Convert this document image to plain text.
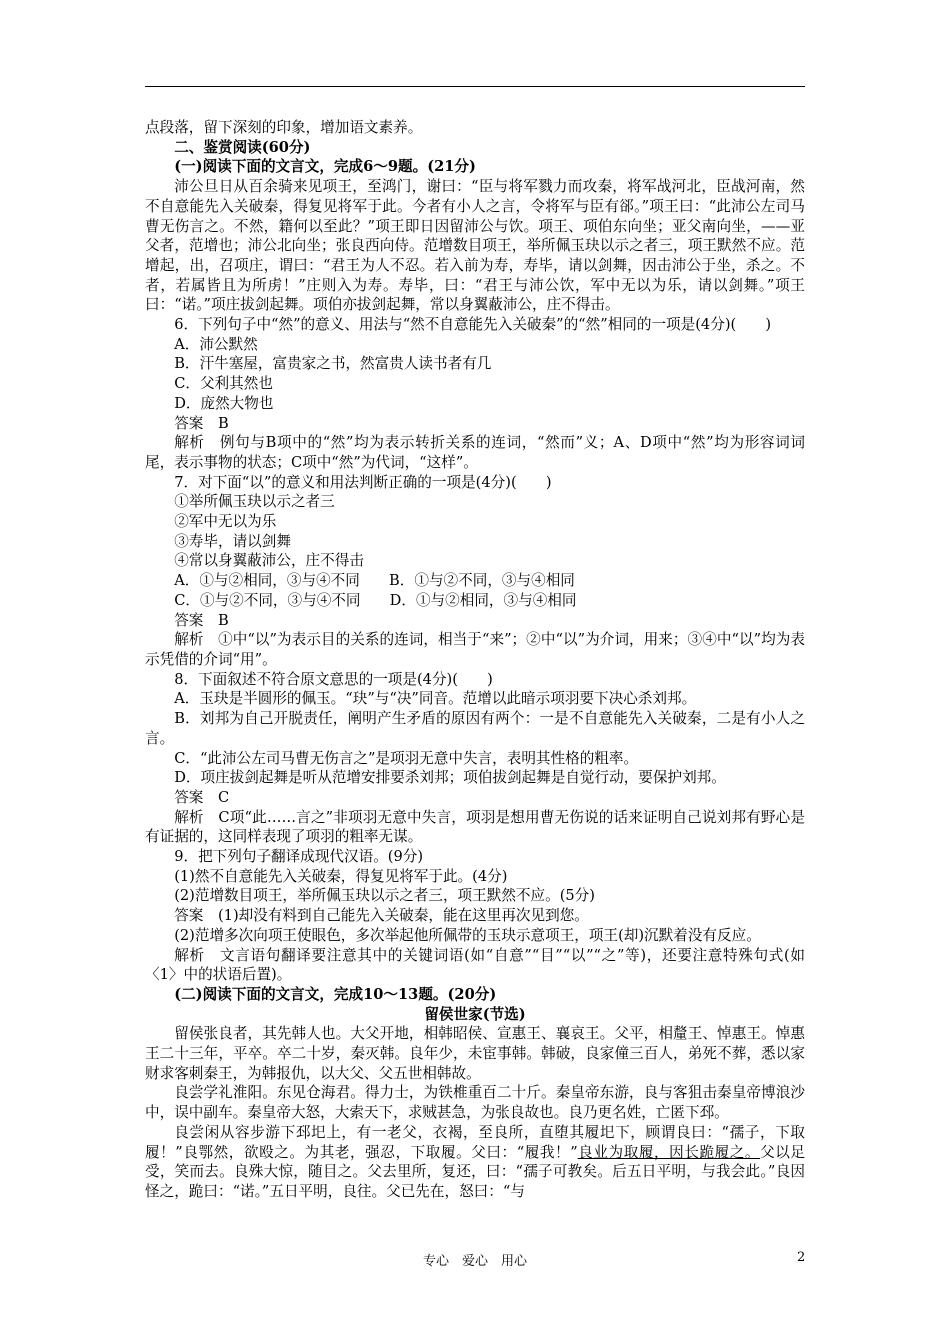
点段落，留下深刻的印象，增加语文素养。

二、鉴赏阅读(60分)

(一)阅读下面的文言文，完成6～9题。(21分)

沛公旦日从百余骑来见项王，至鸿门，谢曰：“臣与将军戮力而攻秦，将军战河北，臣战河南，然不自意能先入关破秦，得复见将军于此。今者有小人之言，令将军与臣有郤。”项王曰：“此沛公左司马曹无伤言之。不然，籍何以至此？”项王即日因留沛公与饮。项王、项伯东向坐；亚父南向坐，——亚父者，范增也；沛公北向坐；张良西向侍。范增数目项王，举所佩玉玦以示之者三，项王默然不应。范增起，出，召项庄，谓曰：“君王为人不忍。若入前为寿，寿毕，请以剑舞，因击沛公于坐，杀之。不者，若属皆且为所虏！”庄则入为寿。寿毕，曰：“君王与沛公饮，军中无以为乐，请以剑舞。”项王曰：“诺。”项庄拔剑起舞。项伯亦拔剑起舞，常以身翼蔽沛公，庄不得击。

6．下列句子中“然”的意义、用法与“然不自意能先入关破秦”的“然”相同的一项是(4分)(　　)

A．沛公默然

B．汗牛塞屋，富贵家之书，然富贵人读书者有几

C．父利其然也

D．庞然大物也

答案　B

解析　例句与B项中的“然”均为表示转折关系的连词，“然而”义；A、D项中“然”均为形容词词尾，表示事物的状态；C项中“然”为代词，“这样”。

7．对下面“以”的意义和用法判断正确的一项是(4分)(　　)

①举所佩玉玦以示之者三

②军中无以为乐

③寿毕，请以剑舞

④常以身翼蔽沛公，庄不得击

A．①与②相同，③与④不同　　B．①与②不同，③与④相同

C．①与②不同，③与④不同　　D．①与②相同，③与④相同

答案　B

解析　①中“以”为表示目的关系的连词，相当于“来”；②中“以”为介词，用来；③④中“以”均为表示凭借的介词“用”。

8．下面叙述不符合原文意思的一项是(4分)(　　)

A．玉玦是半圆形的佩玉。“玦”与“决”同音。范增以此暗示项羽要下决心杀刘邦。

B．刘邦为自己开脱责任，阐明产生矛盾的原因有两个：一是不自意能先入关破秦，二是有小人之言。

C．“此沛公左司马曹无伤言之”是项羽无意中失言，表明其性格的粗率。

D．项庄拔剑起舞是听从范增安排要杀刘邦；项伯拔剑起舞是自觉行动，要保护刘邦。

答案　C

解析　C项“此……言之”非项羽无意中失言，项羽是想用曹无伤说的话来证明自己说刘邦有野心是有证据的，这同样表现了项羽的粗率无谋。

9．把下列句子翻译成现代汉语。(9分)

(1)然不自意能先入关破秦，得复见将军于此。(4分)

(2)范增数目项王，举所佩玉玦以示之者三，项王默然不应。(5分)

答案　(1)却没有料到自己能先入关破秦，能在这里再次见到您。

(2)范增多次向项王使眼色，多次举起他所佩带的玉玦示意项王，项王(却)沉默着没有反应。

解析　文言语句翻译要注意其中的关键词语(如“自意”“目”“以”“之”等)，还要注意特殊句式(如〈1〉中的状语后置)。

(二)阅读下面的文言文，完成10～13题。(20分)

留侯世家(节选)

留侯张良者，其先韩人也。大父开地，相韩昭侯、宣惠王、襄哀王。父平，相釐王、悼惠王。悼惠王二十三年，平卒。卒二十岁，秦灭韩。良年少，未宦事韩。韩破，良家僮三百人，弟死不葬，悉以家财求客刺秦王，为韩报仇，以大父、父五世相韩故。

良尝学礼淮阳。东见仓海君。得力士，为铁椎重百二十斤。秦皇帝东游，良与客狙击秦皇帝博浪沙中，误中副车。秦皇帝大怒，大索天下，求贼甚急，为张良故也。良乃更名姓，亡匿下邳。

良尝闲从容步游下邳圯上，有一老父，衣褐，至良所，直堕其履圯下，顾谓良曰：“孺子，下取履！”良鄂然，欲殴之。为其老，强忍，下取履。父曰：“履我！”良业为取履，因长跪履之。父以足受，笑而去。良殊大惊，随目之。父去里所，复还，曰：“孺子可教矣。后五日平明，与我会此。”良因怪之，跪曰：“诺。”五日平明，良往。父已先在，怒曰：“与

专心　爱心　用心	2
